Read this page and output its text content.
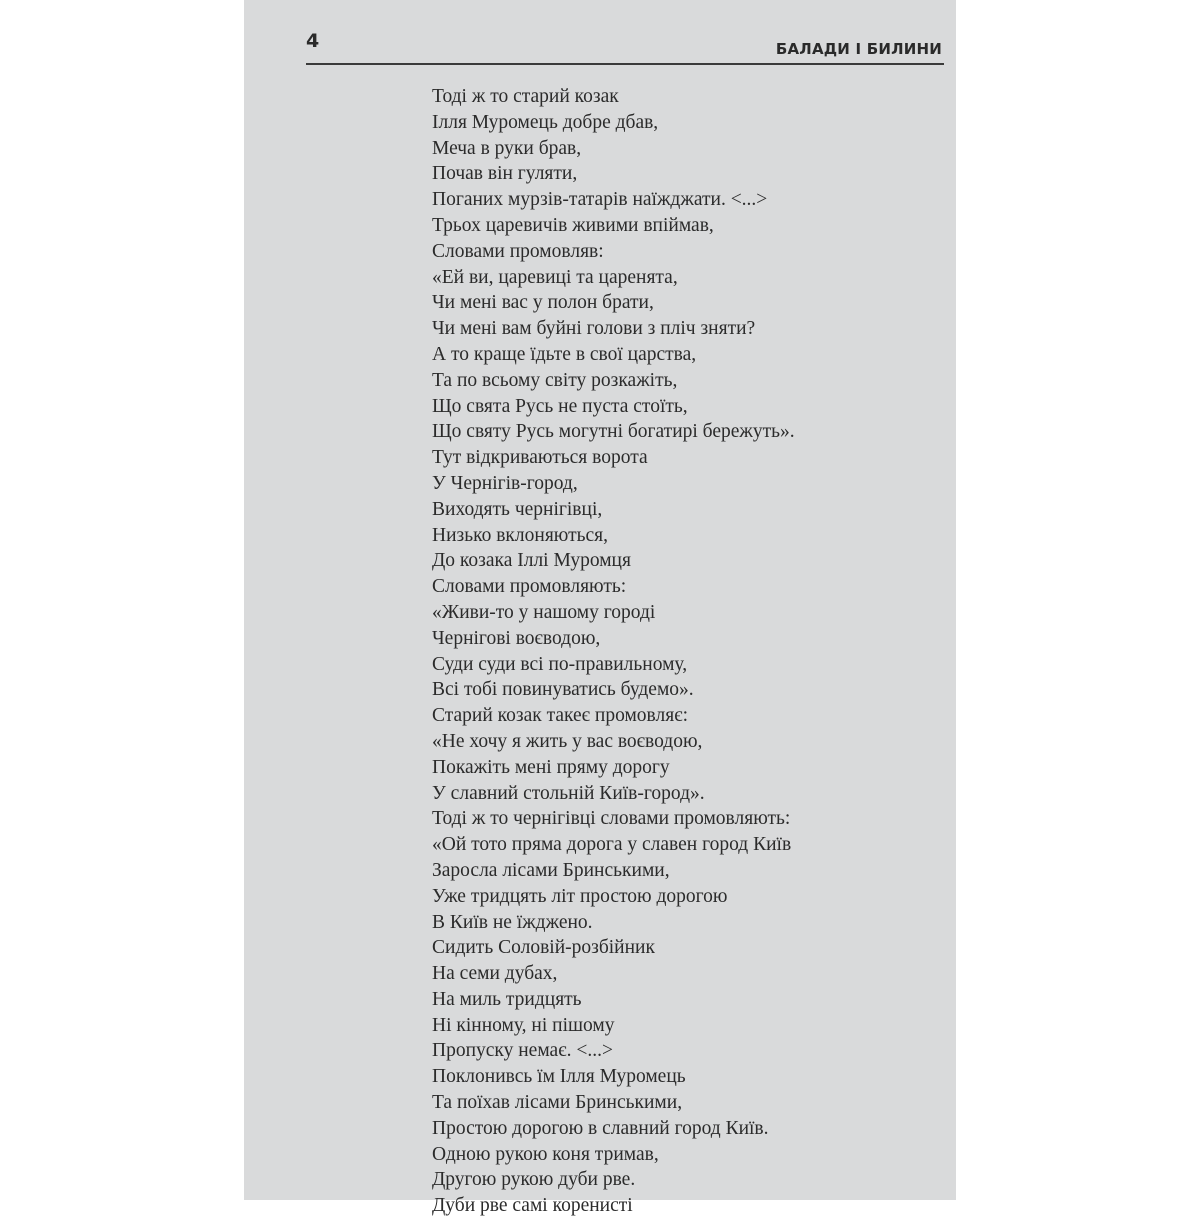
4	БАЛАДИ І БИЛИНИ
Тоді ж то старий козак
Ілля Муромець добре дбав,
Меча в руки брав,
Почав він гуляти,
Поганих мурзів-татарів наїжджати. <...>
Трьох царевичів живими впіймав,
Словами промовляв:
«Ей ви, царевиці та царенята,
Чи мені вас у полон брати,
Чи мені вам буйні голови з пліч зняти?
А то краще їдьте в свої царства,
Та по всьому світу розкажіть,
Що свята Русь не пуста стоїть,
Що святу Русь могутні богатирі бережуть».
Тут відкриваються ворота
У Чернігів-город,
Виходять чернігівці,
Низько вклоняються,
До козака Іллі Муромця
Словами промовляють:
«Живи-то у нашому городі
Чернігові воєводою,
Суди суди всі по-правильному,
Всі тобі повинуватись будемо».
Старий козак такеє промовляє:
«Не хочу я жить у вас воєводою,
Покажіть мені пряму дорогу
У славний стольній Київ-город».
Тоді ж то чернігівці словами промовляють:
«Ой тото пряма дорога у славен город Київ
Заросла лісами Бринськими,
Уже тридцять літ простою дорогою
В Київ не їжджено.
Сидить Соловій-розбійник
На семи дубах,
На миль тридцять
Ні кінному, ні пішому
Пропуску немає. <...>
Поклонивсь їм Ілля Муромець
Та поїхав лісами Бринськими,
Простою дорогою в славний город Київ.
Одною рукою коня тримав,
Другою рукою дуби рве.
Дуби рве самі коренисті
